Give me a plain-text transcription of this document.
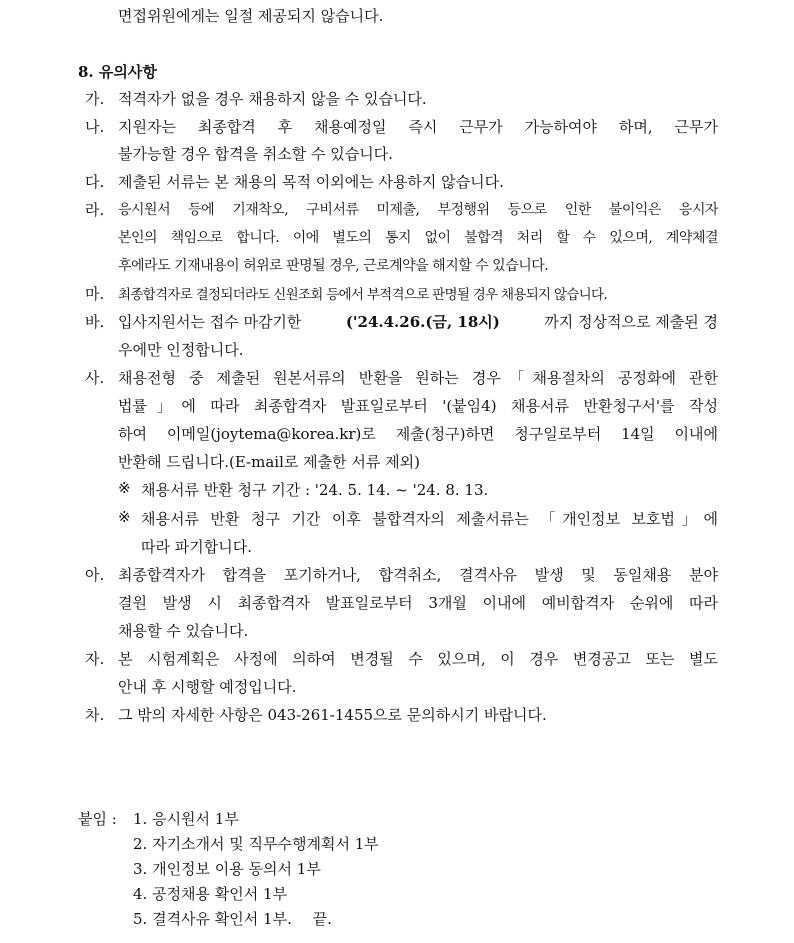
면접위원에게는 일절 제공되지 않습니다.
8. 유의사항
가. 적격자가 없을 경우 채용하지 않을 수 있습니다.
나. 지원자는 최종합격 후 채용예정일 즉시 근무가 가능하여야 하며, 근무가
불가능할 경우 합격을 취소할 수 있습니다.
다. 제출된 서류는 본 채용의 목적 이외에는 사용하지 않습니다.
라. 응시원서 등에 기재착오, 구비서류 미제출, 부정행위 등으로 인한 불이익은 응시자
본인의 책임으로 합니다. 이에 별도의 통지 없이 불합격 처리 할 수 있으며, 계약체결
후에라도 기재내용이 허위로 판명될 경우, 근로계약을 해지할 수 있습니다.
마. 최종합격자로 결정되더라도 신원조회 등에서 부적격으로 판명될 경우 채용되지 않습니다.
바. 입사지원서는 접수 마감기한	('24.4.26.(금, 18시)	까지 정상적으로 제출된 경
우에만 인정합니다.
사. 채용전형 중 제출된 원본서류의 반환을 원하는 경우「채용절차의 공정화에 관한
법률」에 따라 최종합격자 발표일로부터 '(붙임4) 채용서류 반환청구서'를 작성
하여 이메일(joytema@korea.kr)로 제출(청구)하면 청구일로부터 14일 이내에
반환해 드립니다.(E-mail로 제출한 서류 제외)
※ 채용서류 반환 청구 기간 : '24. 5. 14. ~ '24. 8. 13.
※ 채용서류 반환 청구 기간 이후 불합격자의 제출서류는 「개인정보 보호법」에
따라 파기합니다.
아. 최종합격자가 합격을 포기하거나, 합격취소, 결격사유 발생 및 동일채용 분야
결원 발생 시 최종합격자 발표일로부터 3개월 이내에 예비합격자 순위에 따라
채용할 수 있습니다.
자. 본 시험계획은 사정에 의하여 변경될 수 있으며, 이 경우 변경공고 또는 별도
안내 후 시행할 예정입니다.
차. 그 밖의 자세한 사항은 043-261-1455으로 문의하시기 바랍니다.
붙임 : 1. 응시원서 1부
2. 자기소개서 및 직무수행계획서 1부
3. 개인정보 이용 동의서 1부
4. 공정채용 확인서 1부
5. 결격사유 확인서 1부. 끝.
